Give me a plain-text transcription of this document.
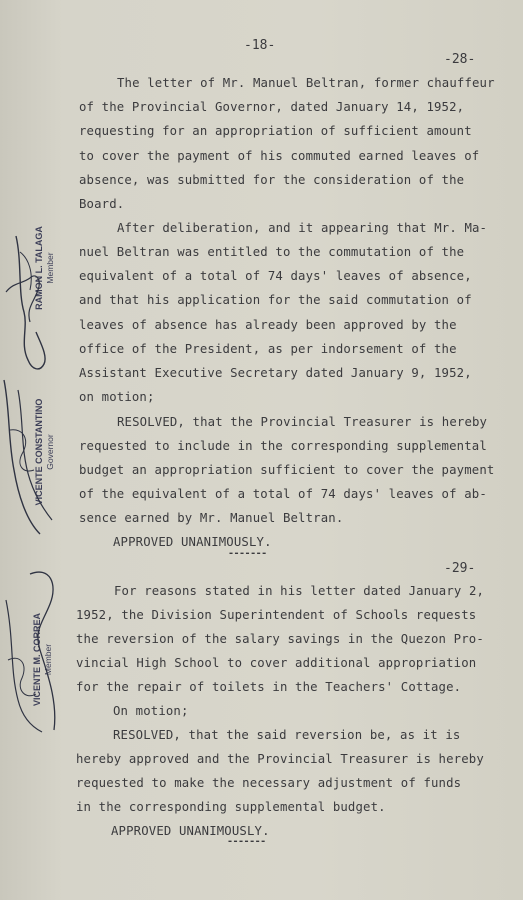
-18-
-28-
The letter of Mr. Manuel Beltran, former chauffeur
of the Provincial Governor, dated January 14, 1952,
requesting for an appropriation of sufficient amount
to cover the payment of his commuted earned leaves of
absence, was submitted for the consideration of the
Board.
After deliberation, and it appearing that Mr. Ma-
nuel Beltran was entitled to the commutation of the
equivalent of a total of 74 days' leaves of absence,
and that his application for the said commutation of
leaves of absence has already been approved by the
office of the President, as per indorsement of the
Assistant Executive Secretary dated January 9, 1952,
on motion;
RESOLVED, that the Provincial Treasurer is hereby
requested to include in the corresponding supplemental
budget an appropriation sufficient to cover the payment
of the equivalent of a total of 74 days' leaves of ab-
sence earned by Mr. Manuel Beltran.
APPROVED UNANIMOUSLY.
-------
-29-
For reasons stated in his letter dated January 2,
1952, the Division Superintendent of Schools requests
the reversion of the salary savings in the Quezon Pro-
vincial High School to cover additional appropriation
for the repair of toilets in the Teachers' Cottage.
On motion;
RESOLVED, that the said reversion be, as it is
hereby approved and the Provincial Treasurer is hereby
requested to make the necessary adjustment of funds
in the corresponding supplemental budget.
APPROVED UNANIMOUSLY.
-------
RAMON L. TALAGA Member
VICENTE CONSTANTINO Governor
VICENTE M. CORREA Member
